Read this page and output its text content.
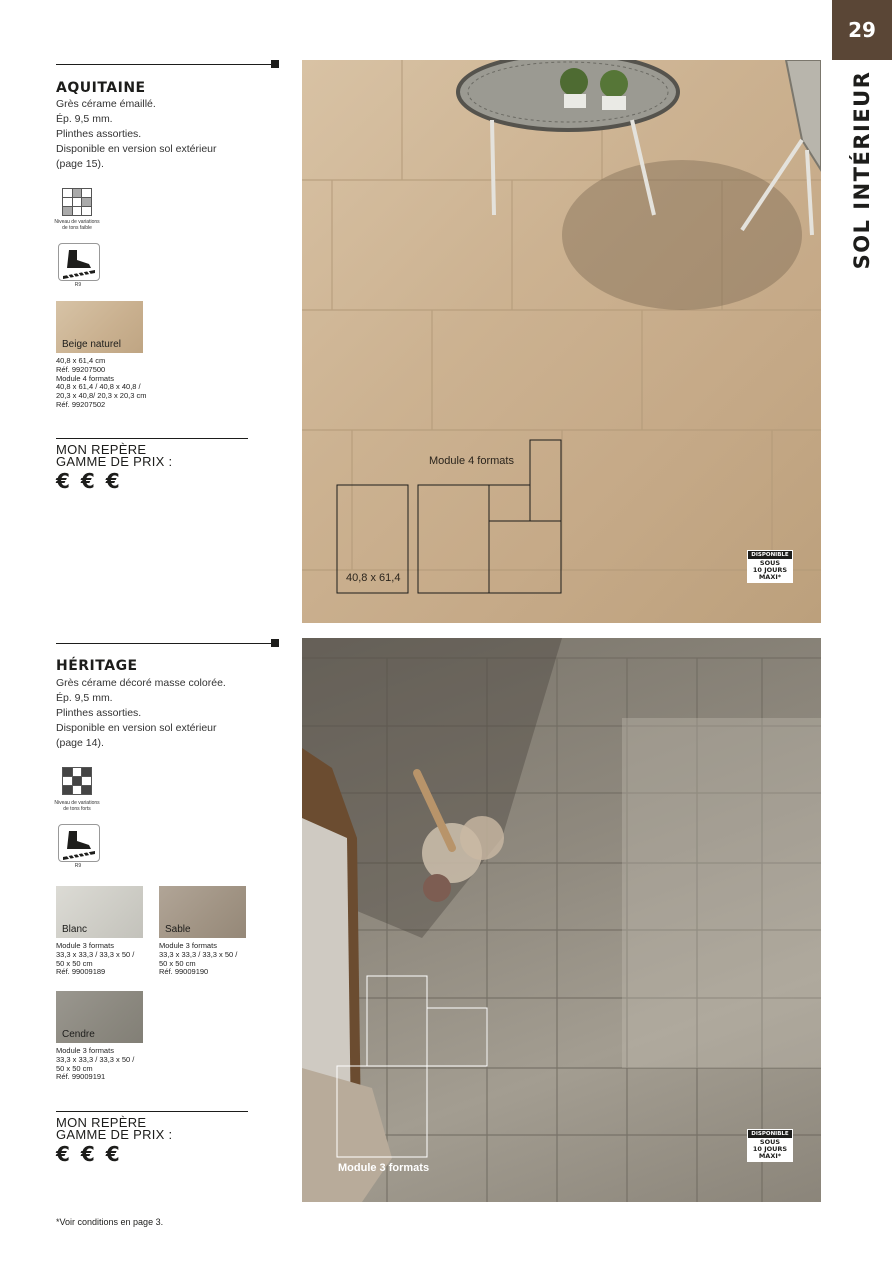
29
SOL INTÉRIEUR
AQUITAINE
Grès cérame émaillé.
Ép. 9,5 mm.
Plinthes assorties.
Disponible en version sol extérieur
(page 15).
Niveau de variations de tons faible
R9
Beige naturel
40,8 x 61,4 cm
Réf. 99207500
Module 4 formats
40,8 x 61,4 / 40,8 x 40,8 /
20,3 x 40,8/ 20,3 x 20,3 cm
Réf. 99207502
MON REPÈRE
GAMME DE PRIX :
€ € €
Module 4 formats
40,8 x 61,4
DISPONIBLE
SOUS
10 JOURS
MAXI*
HÉRITAGE
Grès cérame décoré masse colorée.
Ép. 9,5 mm.
Plinthes assorties.
Disponible en version sol extérieur
(page 14).
Niveau de variations de tons forts
R9
Blanc
Module 3 formats
33,3 x 33,3 / 33,3 x 50 /
50 x 50 cm
Réf. 99009189
Sable
Module 3 formats
33,3 x 33,3 / 33,3 x 50 /
50 x 50 cm
Réf. 99009190
Cendre
Module 3 formats
33,3 x 33,3 / 33,3 x 50 /
50 x 50 cm
Réf. 99009191
MON REPÈRE
GAMME DE PRIX :
€ € €
Module 3 formats
DISPONIBLE
SOUS
10 JOURS
MAXI*
*Voir conditions en page 3.
